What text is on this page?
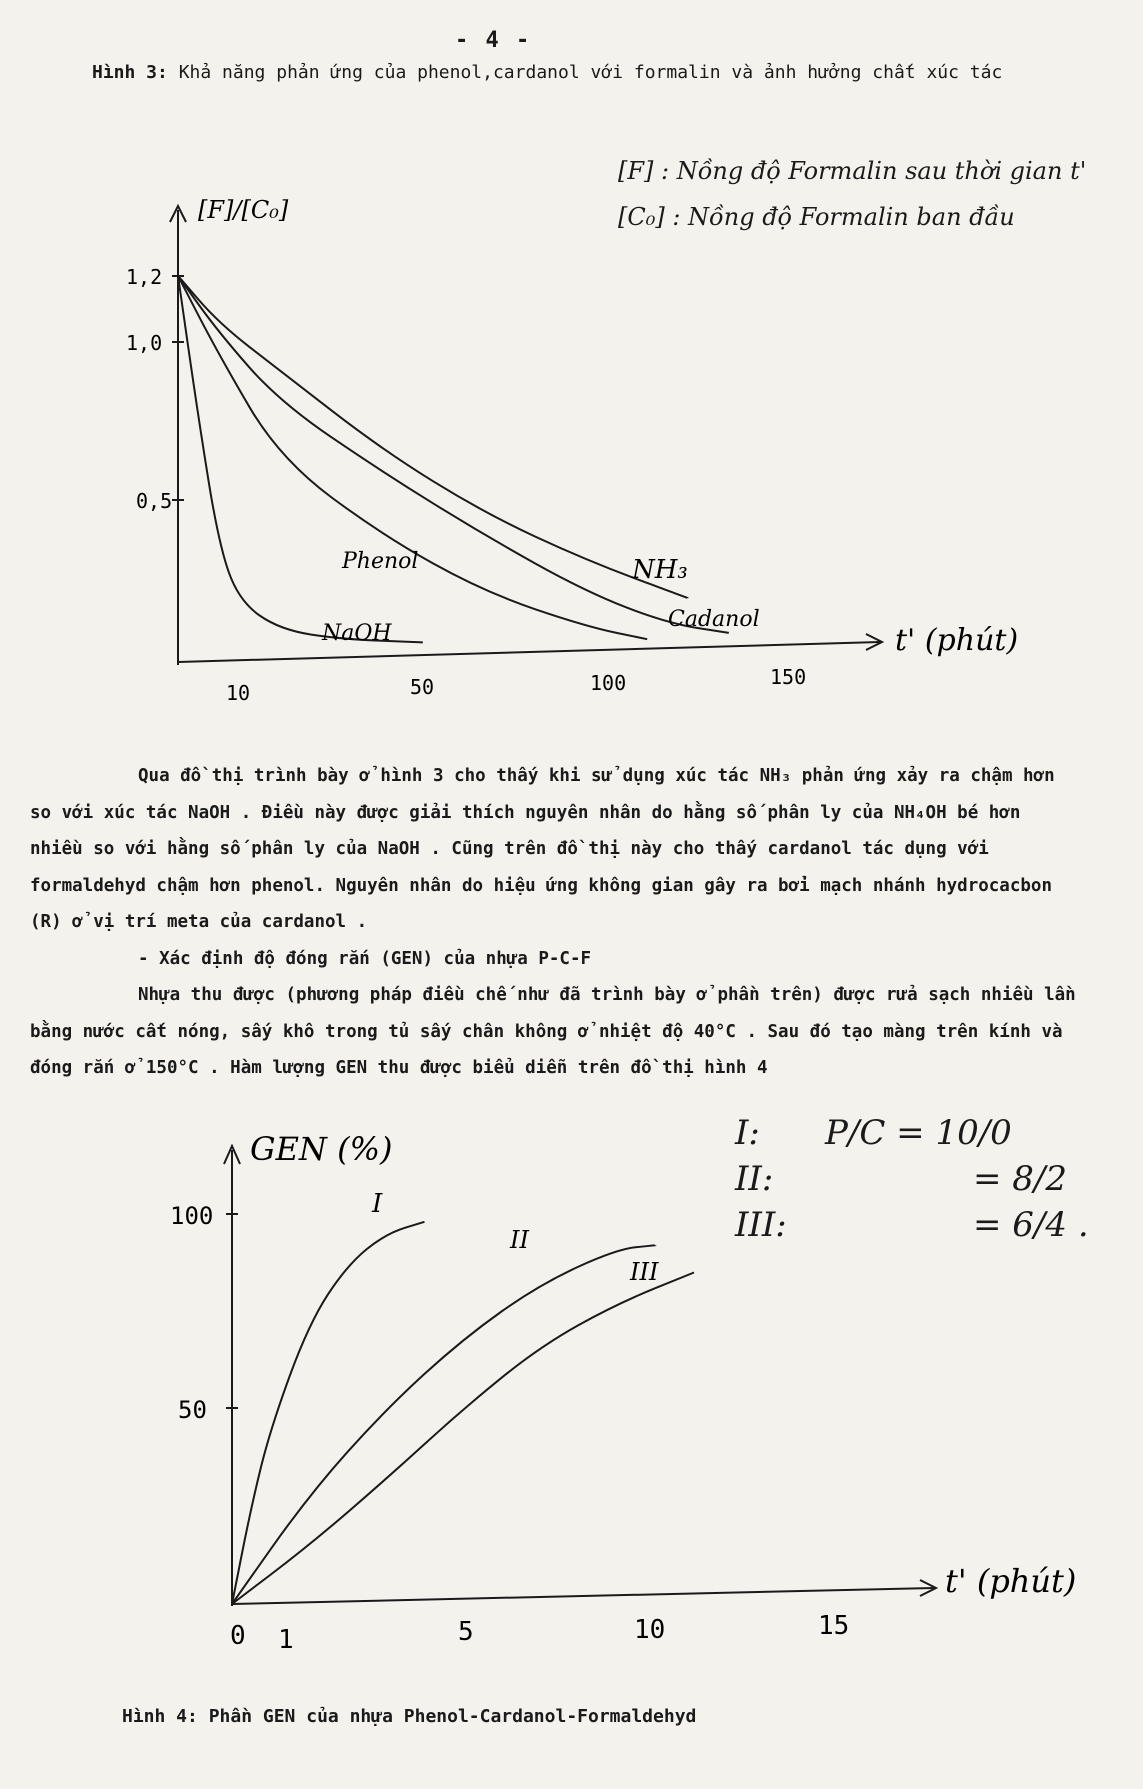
- 4 -
Hình 3: Khả năng phản ứng của phenol,cardanol với formalin và ảnh hưởng chất xúc tác
[F] : Nồng độ Formalin sau thời gian t'
[C₀] : Nồng độ Formalin ban đầu
[F]/[C₀]
t' (phút)
1,2
1,0
0,5
10	50	100	150
Phenol	NH₃
NaOH
Cadanol

Qua đồ thị trình bày ở hình 3 cho thấy khi sử dụng xúc tác NH₃ phản ứng xảy ra chậm hơn so với xúc tác NaOH . Điều này được giải thích nguyên nhân do hằng số phân ly của NH₄OH bé hơn nhiều so với hằng số phân ly của NaOH . Cũng trên đồ thị này cho thấy cardanol tác dụng với formaldehyd chậm hơn phenol. Nguyên nhân do hiệu ứng không gian gây ra bởi mạch nhánh hydrocacbon (R) ở vị trí meta của cardanol .

- Xác định độ đóng rắn (GEN) của nhựa P-C-F

Nhựa thu được (phương pháp điều chế như đã trình bày ở phần trên) được rửa sạch nhiều lần bằng nước cất nóng, sấy khô trong tủ sấy chân không ở nhiệt độ 40°C . Sau đó tạo màng trên kính và đóng rắn ở 150°C . Hàm lượng GEN thu được biểu diễn trên đồ thị hình 4

GEN (%)
t' (phút)
100
50
0 1	5	10	15
I
II
III
I:	P/C = 10/0
II:	= 8/2
III:	= 6/4 .
Hình 4: Phần GEN của nhựa Phenol-Cardanol-Formaldehyd
